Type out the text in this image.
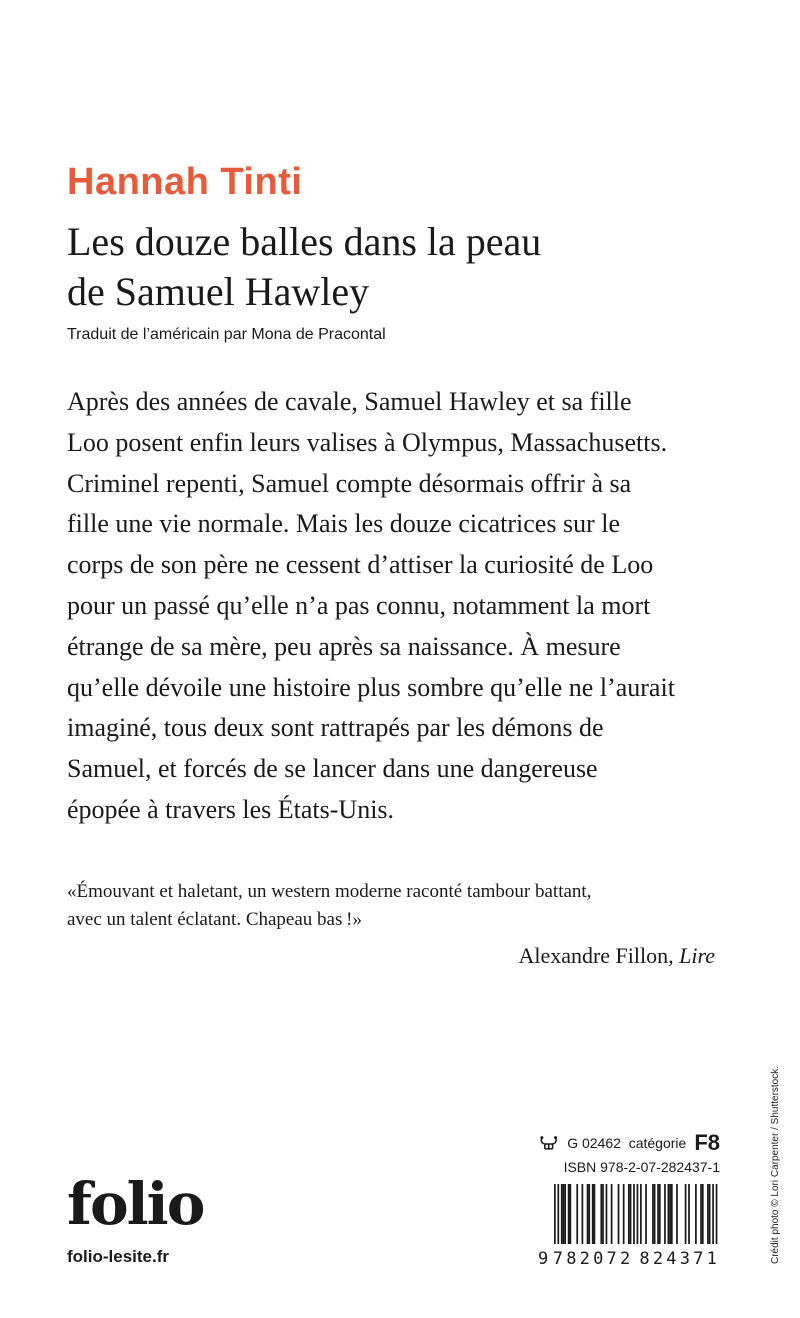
Hannah Tinti
Les douze balles dans la peau
de Samuel Hawley
Traduit de l’américain par Mona de Pracontal
Après des années de cavale, Samuel Hawley et sa fille
Loo posent enfin leurs valises à Olympus, Massachusetts.
Criminel repenti, Samuel compte désormais offrir à sa
fille une vie normale. Mais les douze cicatrices sur le
corps de son père ne cessent d’attiser la curiosité de Loo
pour un passé qu’elle n’a pas connu, notamment la mort
étrange de sa mère, peu après sa naissance. À mesure
qu’elle dévoile une histoire plus sombre qu’elle ne l’aurait
imaginé, tous deux sont rattrapés par les démons de
Samuel, et forcés de se lancer dans une dangereuse
épopée à travers les États-Unis.
«Émouvant et haletant, un western moderne raconté tambour battant,
avec un talent éclatant. Chapeau bas !»
Alexandre Fillon, Lire
Crédit photo © Lori Carpenter / Shutterstock.
G 02462 catégorie F8
ISBN 978-2-07-282437-1
9 782072 824371
folio
folio-lesite.fr
